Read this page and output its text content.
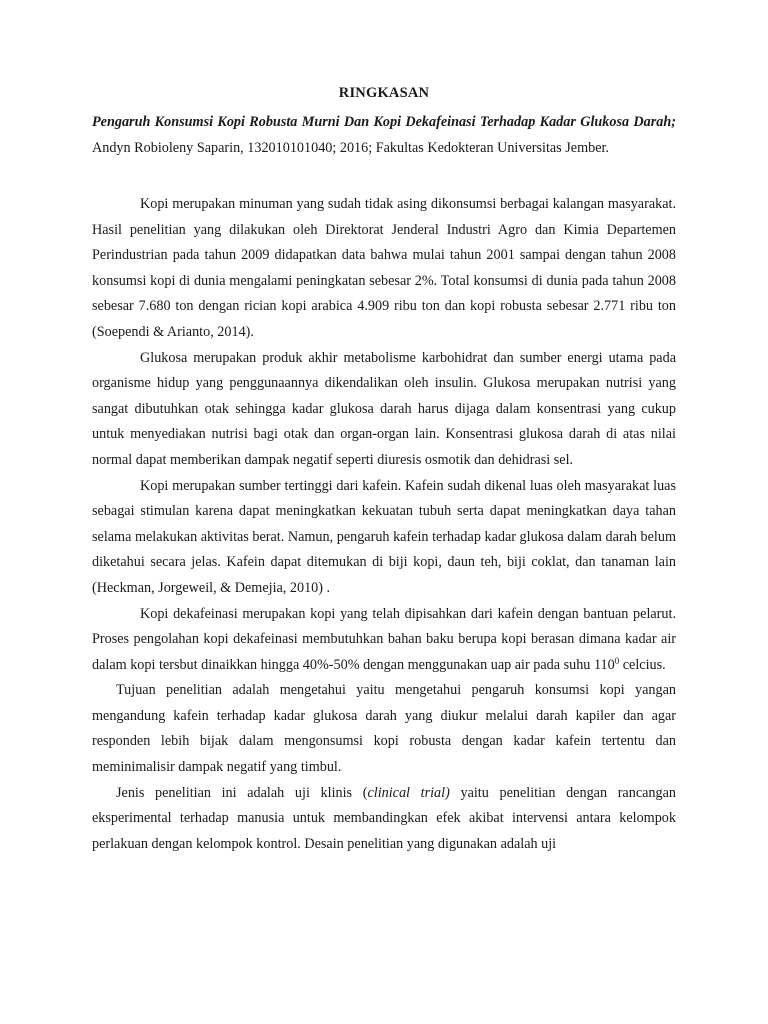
RINGKASAN

Pengaruh Konsumsi Kopi Robusta Murni Dan Kopi Dekafeinasi Terhadap Kadar Glukosa Darah; Andyn Robioleny Saparin, 132010101040; 2016; Fakultas Kedokteran Universitas Jember.

Kopi merupakan minuman yang sudah tidak asing dikonsumsi berbagai kalangan masyarakat. Hasil penelitian yang dilakukan oleh Direktorat Jenderal Industri Agro dan Kimia Departemen Perindustrian pada tahun 2009 didapatkan data bahwa mulai tahun 2001 sampai dengan tahun 2008 konsumsi kopi di dunia mengalami peningkatan sebesar 2%. Total konsumsi di dunia pada tahun 2008 sebesar 7.680 ton dengan rician kopi arabica 4.909 ribu ton dan kopi robusta sebesar 2.771 ribu ton (Soependi & Arianto, 2014).

Glukosa merupakan produk akhir metabolisme karbohidrat dan sumber energi utama pada organisme hidup yang penggunaannya dikendalikan oleh insulin. Glukosa merupakan nutrisi yang sangat dibutuhkan otak sehingga kadar glukosa darah harus dijaga dalam konsentrasi yang cukup untuk menyediakan nutrisi bagi otak dan organ-organ lain. Konsentrasi glukosa darah di atas nilai normal dapat memberikan dampak negatif seperti diuresis osmotik dan dehidrasi sel.

Kopi merupakan sumber tertinggi dari kafein. Kafein sudah dikenal luas oleh masyarakat luas sebagai stimulan karena dapat meningkatkan kekuatan tubuh serta dapat meningkatkan daya tahan selama melakukan aktivitas berat. Namun, pengaruh kafein terhadap kadar glukosa dalam darah belum diketahui secara jelas. Kafein dapat ditemukan di biji kopi, daun teh, biji coklat, dan tanaman lain (Heckman, Jorgeweil, & Demejia, 2010) .

Kopi dekafeinasi merupakan kopi yang telah dipisahkan dari kafein dengan bantuan pelarut. Proses pengolahan kopi dekafeinasi membutuhkan bahan baku berupa kopi berasan dimana kadar air dalam kopi tersbut dinaikkan hingga 40%-50% dengan menggunakan uap air pada suhu $110^0$ celcius.

Tujuan penelitian adalah mengetahui yaitu mengetahui pengaruh konsumsi kopi yangan mengandung kafein terhadap kadar glukosa darah yang diukur melalui darah kapiler dan agar responden lebih bijak dalam mengonsumsi kopi robusta dengan kadar kafein tertentu dan meminimalisir dampak negatif yang timbul.

Jenis penelitian ini adalah uji klinis (clinical trial) yaitu penelitian dengan rancangan eksperimental terhadap manusia untuk membandingkan efek akibat intervensi antara kelompok perlakuan dengan kelompok kontrol. Desain penelitian yang digunakan adalah uji
